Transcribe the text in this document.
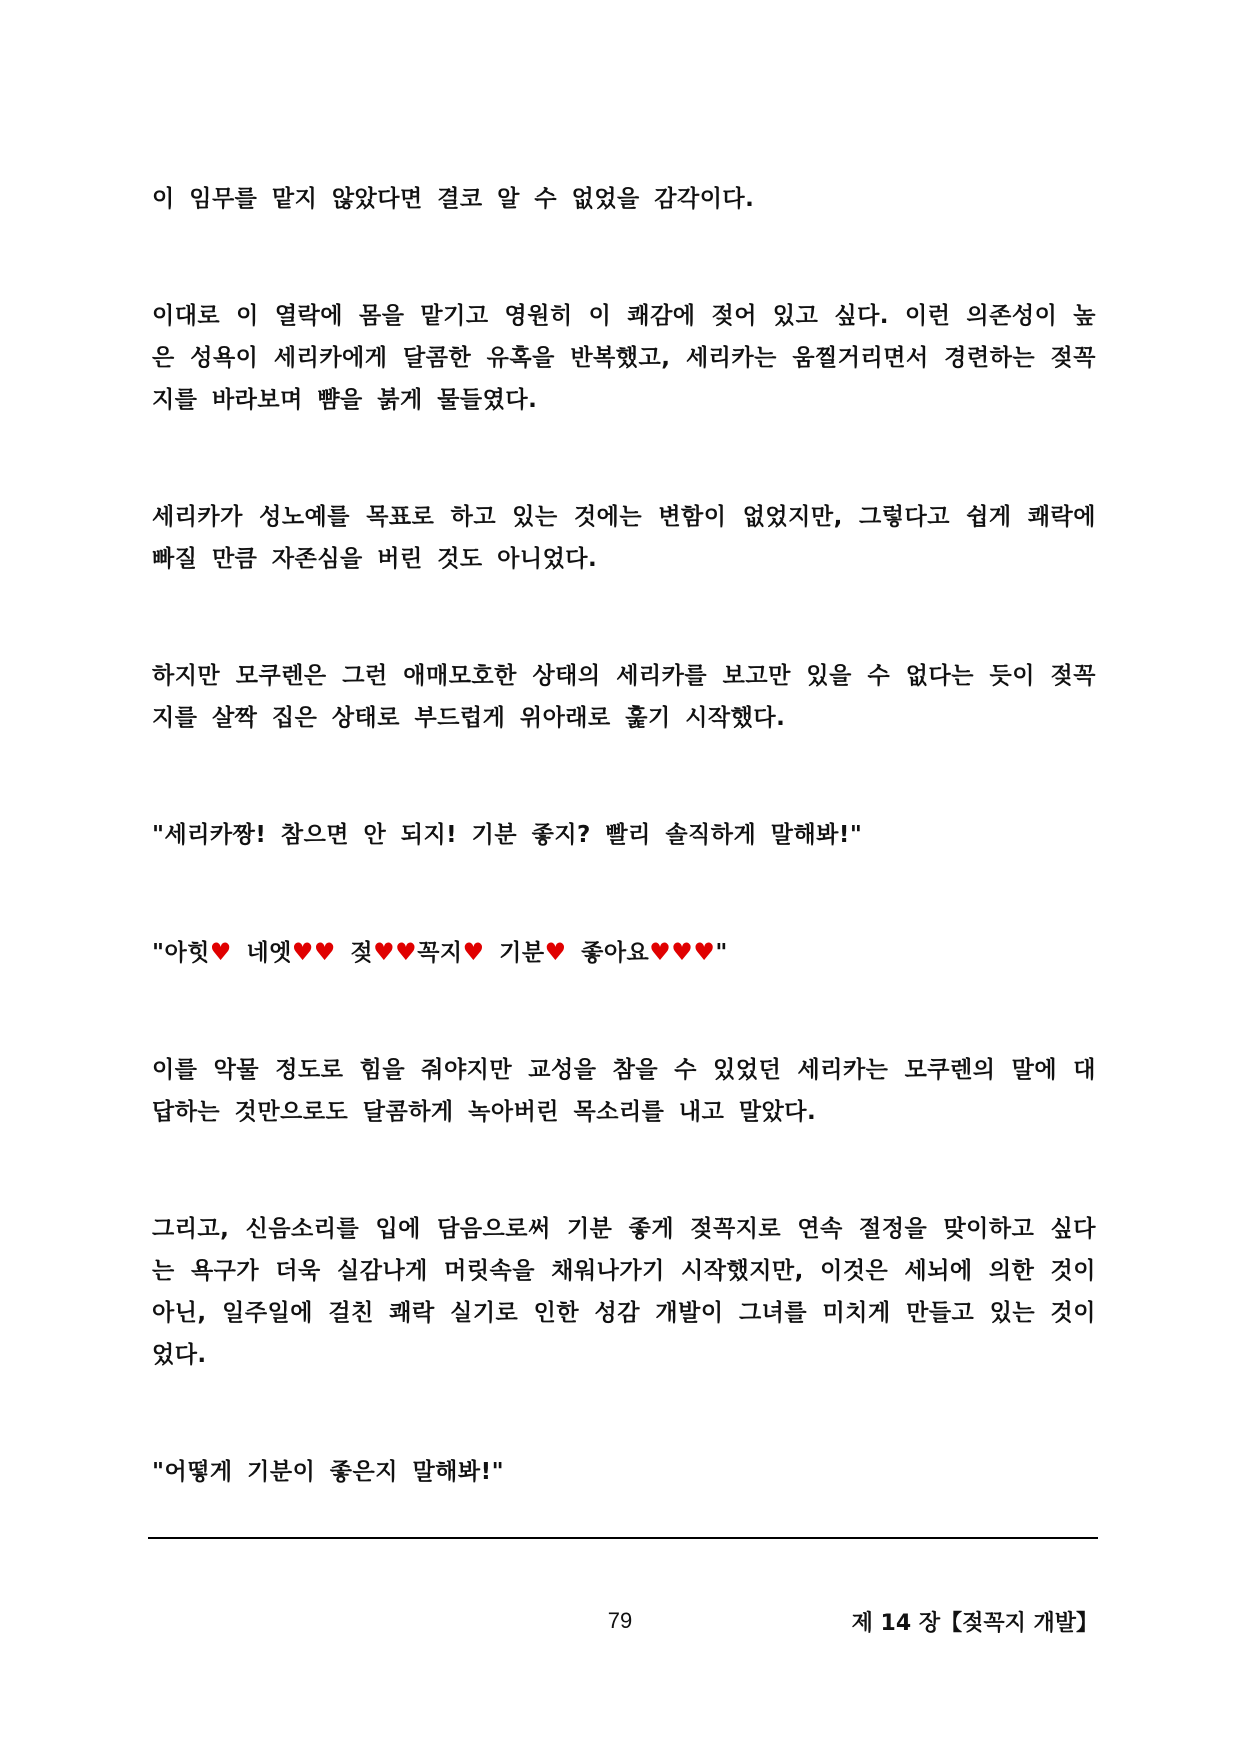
이 임무를 맡지 않았다면 결코 알 수 없었을 감각이다.

이대로 이 열락에 몸을 맡기고 영원히 이 쾌감에 젖어 있고 싶다. 이런 의존성이 높은 성욕이 세리카에게 달콤한 유혹을 반복했고, 세리카는 움찔거리면서 경련하는 젖꼭지를 바라보며 뺨을 붉게 물들였다.

세리카가 성노예를 목표로 하고 있는 것에는 변함이 없었지만, 그렇다고 쉽게 쾌락에 빠질 만큼 자존심을 버린 것도 아니었다.

하지만 모쿠렌은 그런 애매모호한 상태의 세리카를 보고만 있을 수 없다는 듯이 젖꼭지를 살짝 집은 상태로 부드럽게 위아래로 훑기 시작했다.

"세리카짱! 참으면 안 되지! 기분 좋지? 빨리 솔직하게 말해봐!"

"아힛♥ 네엣♥♥ 젖♥♥꼭지♥ 기분♥ 좋아요♥♥♥"

이를 악물 정도로 힘을 줘야지만 교성을 참을 수 있었던 세리카는 모쿠렌의 말에 대답하는 것만으로도 달콤하게 녹아버린 목소리를 내고 말았다.

그리고, 신음소리를 입에 담음으로써 기분 좋게 젖꼭지로 연속 절정을 맞이하고 싶다는 욕구가 더욱 실감나게 머릿속을 채워나가기 시작했지만, 이것은 세뇌에 의한 것이 아닌, 일주일에 걸친 쾌락 실기로 인한 성감 개발이 그녀를 미치게 만들고 있는 것이었다.

"어떻게 기분이 좋은지 말해봐!"

79	제 14 장【젖꼭지 개발】
